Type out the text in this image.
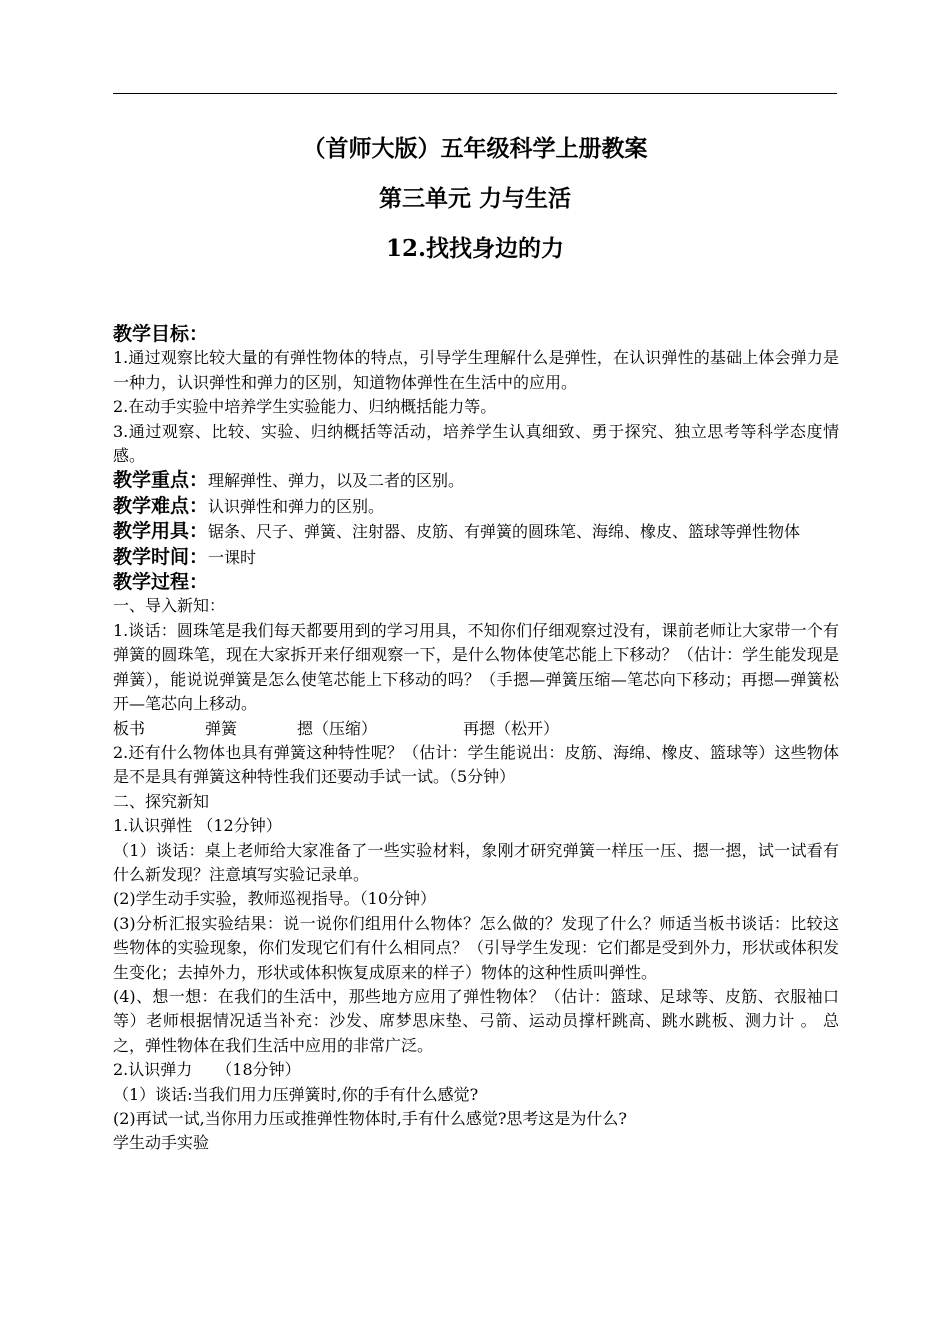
（首师大版）五年级科学上册教案
第三单元 力与生活
12.找找身边的力

教学目标：

1.通过观察比较大量的有弹性物体的特点，引导学生理解什么是弹性，在认识弹性的基础上体会弹力是一种力，认识弹性和弹力的区别，知道物体弹性在生活中的应用。

2.在动手实验中培养学生实验能力、归纳概括能力等。

3.通过观察、比较、实验、归纳概括等活动，培养学生认真细致、勇于探究、独立思考等科学态度情感。

教学重点：理解弹性、弹力，以及二者的区别。

教学难点：认识弹性和弹力的区别。

教学用具：锯条、尺子、弹簧、注射器、皮筋、有弹簧的圆珠笔、海绵、橡皮、篮球等弹性物体

教学时间：一课时

教学过程：

一、导入新知：

1.谈话：圆珠笔是我们每天都要用到的学习用具，不知你们仔细观察过没有，课前老师让大家带一个有弹簧的圆珠笔，现在大家拆开来仔细观察一下，是什么物体使笔芯能上下移动？（估计：学生能发现是弹簧），能说说弹簧是怎么使笔芯能上下移动的吗？（手摁—弹簧压缩—笔芯向下移动；再摁—弹簧松开—笔芯向上移动。

板书	弹簧	摁（压缩）	再摁（松开）

2.还有什么物体也具有弹簧这种特性呢？（估计：学生能说出：皮筋、海绵、橡皮、篮球等）这些物体是不是具有弹簧这种特性我们还要动手试一试。（5分钟）

二、探究新知

1.认识弹性 （12分钟）

（1）谈话：桌上老师给大家准备了一些实验材料，象刚才研究弹簧一样压一压、摁一摁，试一试看有什么新发现？注意填写实验记录单。

(2)学生动手实验，教师巡视指导。（10分钟）

(3)分析汇报实验结果：说一说你们组用什么物体？怎么做的？发现了什么？师适当板书谈话：比较这些物体的实验现象，你们发现它们有什么相同点？（引导学生发现：它们都是受到外力，形状或体积发生变化；去掉外力，形状或体积恢复成原来的样子）物体的这种性质叫弹性。

(4)、想一想：在我们的生活中，那些地方应用了弹性物体？（估计：篮球、足球等、皮筋、衣服袖口等）老师根据情况适当补充：沙发、席梦思床垫、弓箭、运动员撑杆跳高、跳水跳板、测力计 。 总之，弹性物体在我们生活中应用的非常广泛。

2.认识弹力　　（18分钟）

（1）谈话:当我们用力压弹簧时,你的手有什么感觉?

(2)再试一试,当你用力压或推弹性物体时,手有什么感觉?思考这是为什么?

学生动手实验
